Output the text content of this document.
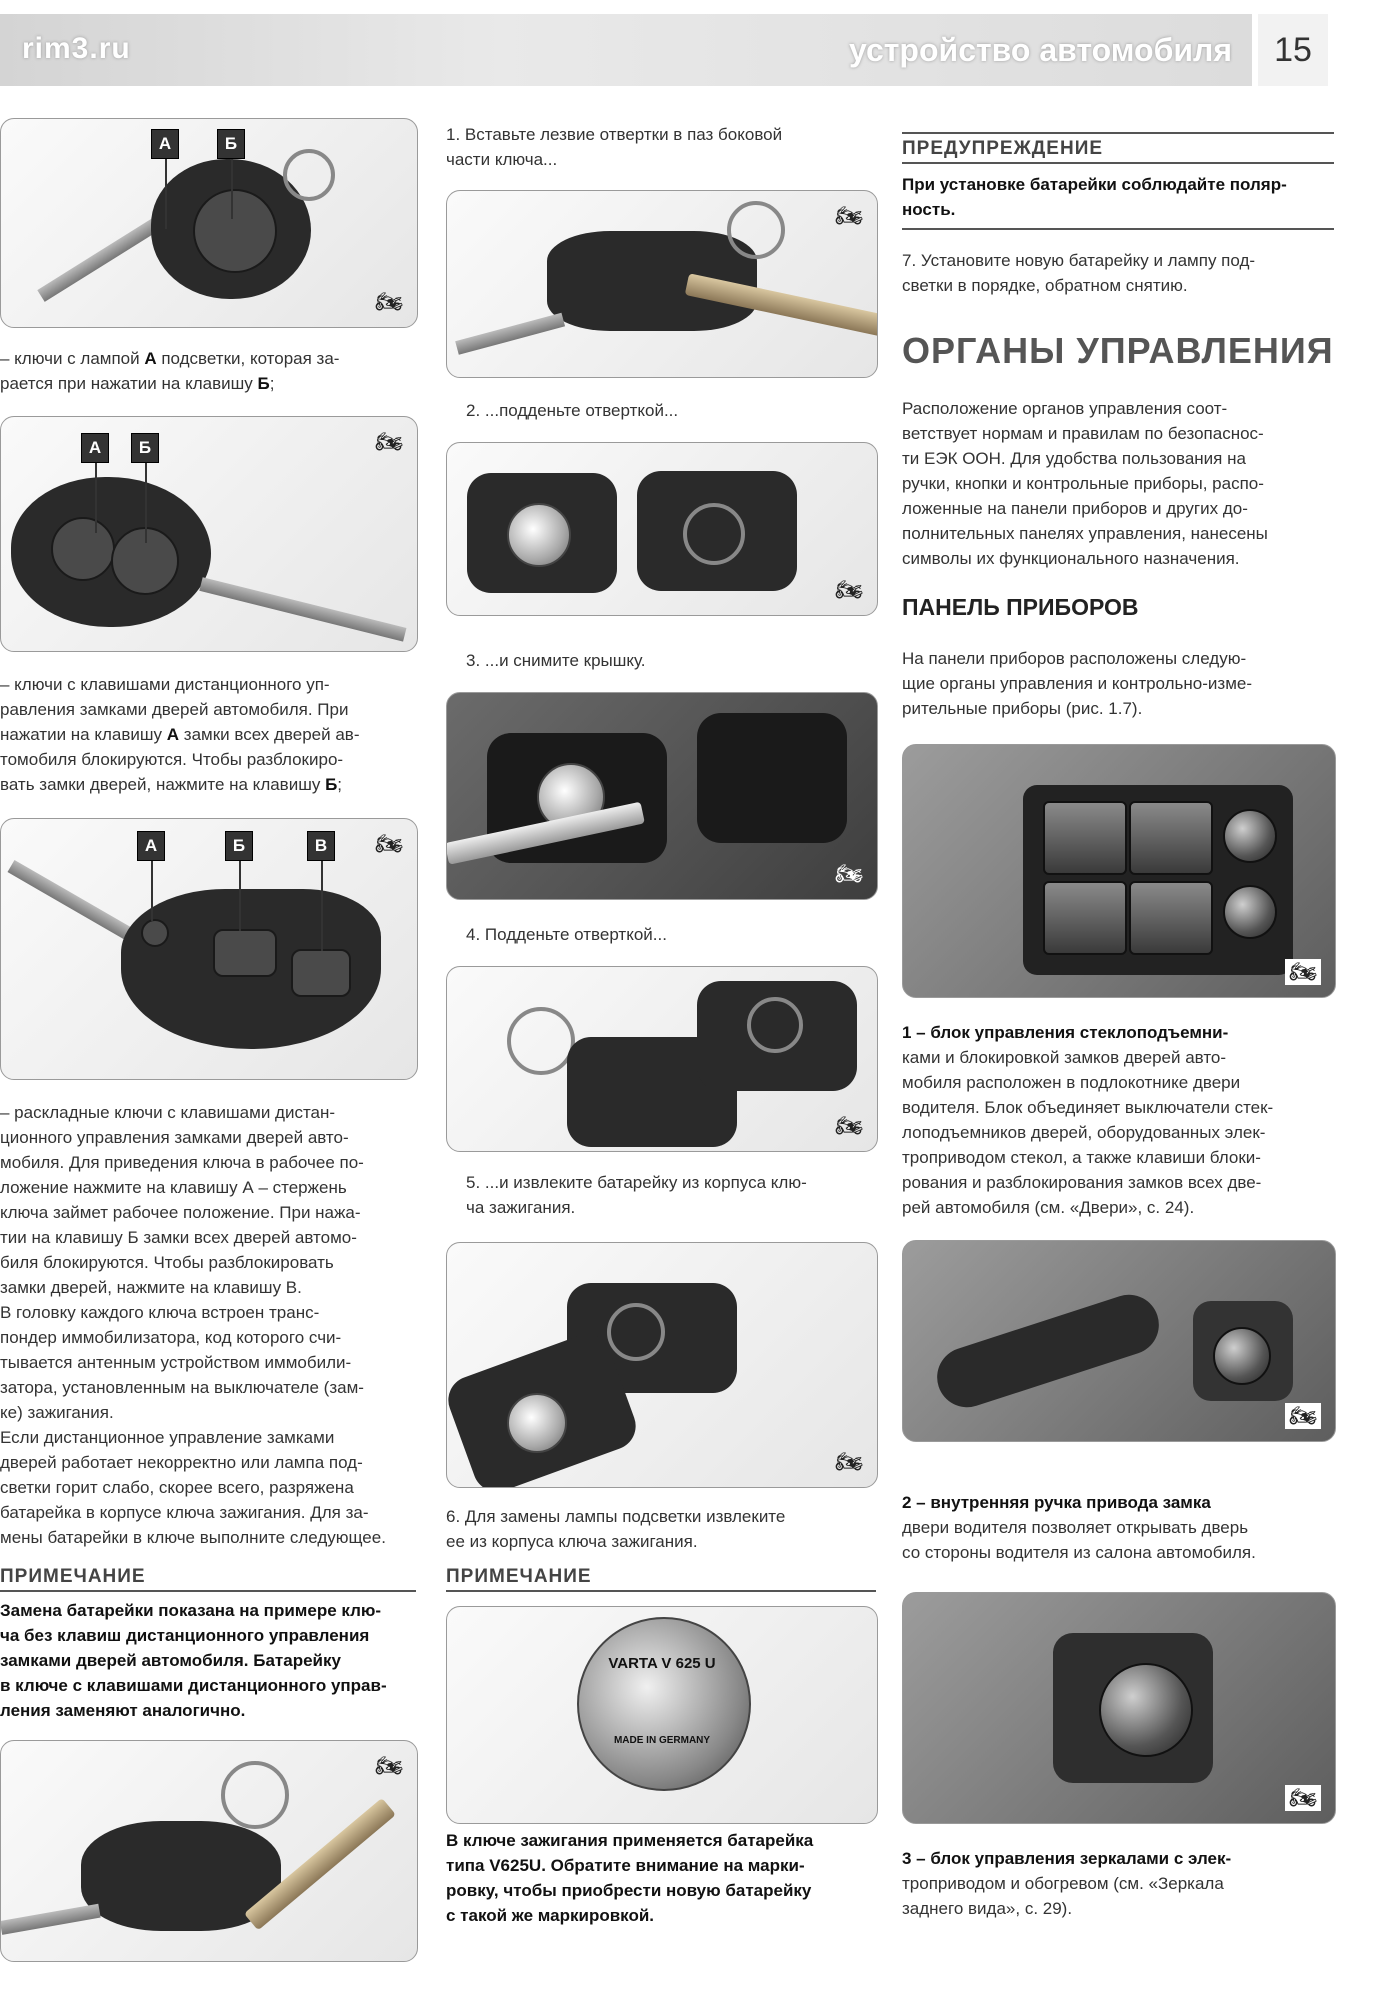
rim3.ru	устройство автомобиля	15
А	Б
🏍
– ключи с лампой А подсветки, которая за-
рается при нажатии на клавишу Б;
А	Б	🏍
– ключи с клавишами дистанционного уп-
равления замками дверей автомобиля. При
нажатии на клавишу А замки всех дверей ав-
томобиля блокируются. Чтобы разблокиро-
вать замки дверей, нажмите на клавишу Б;
А	Б	В	🏍
– раскладные ключи с клавишами дистан-
ционного управления замками дверей авто-
мобиля. Для приведения ключа в рабочее по-
ложение нажмите на клавишу А – стержень
ключа займет рабочее положение. При нажа-
тии на клавишу Б замки всех дверей автомо-
биля блокируются. Чтобы разблокировать
замки дверей, нажмите на клавишу В.
В головку каждого ключа встроен транс-
пондер иммобилизатора, код которого счи-
тывается антенным устройством иммобили-
затора, установленным на выключателе (зам-
ке) зажигания.
Если дистанционное управление замками
дверей работает некорректно или лампа под-
светки горит слабо, скорее всего, разряжена
батарейка в корпусе ключа зажигания. Для за-
мены батарейки в ключе выполните следующее.
ПРИМЕЧАНИЕ
Замена батарейки показана на примере клю-
ча без клавиш дистанционного управления
замками дверей автомобиля. Батарейку
в ключе с клавишами дистанционного управ-
ления заменяют аналогично.
🏍
1. Вставьте лезвие отвертки в паз боковой
части ключа...
🏍
2. ...подденьте отверткой...
🏍
3. ...и снимите крышку.
🏍
4. Подденьте отверткой...
🏍
5. ...и извлеките батарейку из корпуса клю-
ча зажигания.
🏍
6. Для замены лампы подсветки извлеките
ее из корпуса ключа зажигания.
ПРИМЕЧАНИЕ
VARTA V 625 U
MADE IN GERMANY
В ключе зажигания применяется батарейка
типа V625U. Обратите внимание на марки-
ровку, чтобы приобрести новую батарейку
с такой же маркировкой.
ПРЕДУПРЕЖДЕНИЕ
При установке батарейки соблюдайте поляр-
ность.
7. Установите новую батарейку и лампу под-
светки в порядке, обратном снятию.
ОРГАНЫ УПРАВЛЕНИЯ
Расположение органов управления соот-
ветствует нормам и правилам по безопаснос-
ти ЕЭК ООН. Для удобства пользования на
ручки, кнопки и контрольные приборы, распо-
ложенные на панели приборов и других до-
полнительных панелях управления, нанесены
символы их функционального назначения.
ПАНЕЛЬ ПРИБОРОВ
На панели приборов расположены следую-
щие органы управления и контрольно-изме-
рительные приборы (рис. 1.7).
🏍
1 – блок управления стеклоподъемни-
ками и блокировкой замков дверей авто-
мобиля расположен в подлокотнике двери
водителя. Блок объединяет выключатели стек-
лоподъемников дверей, оборудованных элек-
троприводом стекол, а также клавиши блоки-
рования и разблокирования замков всех две-
рей автомобиля (см. «Двери», с. 24).
🏍
2 – внутренняя ручка привода замка
двери водителя позволяет открывать дверь
со стороны водителя из салона автомобиля.
🏍
3 – блок управления зеркалами с элек-
троприводом и обогревом (см. «Зеркала
заднего вида», с. 29).
